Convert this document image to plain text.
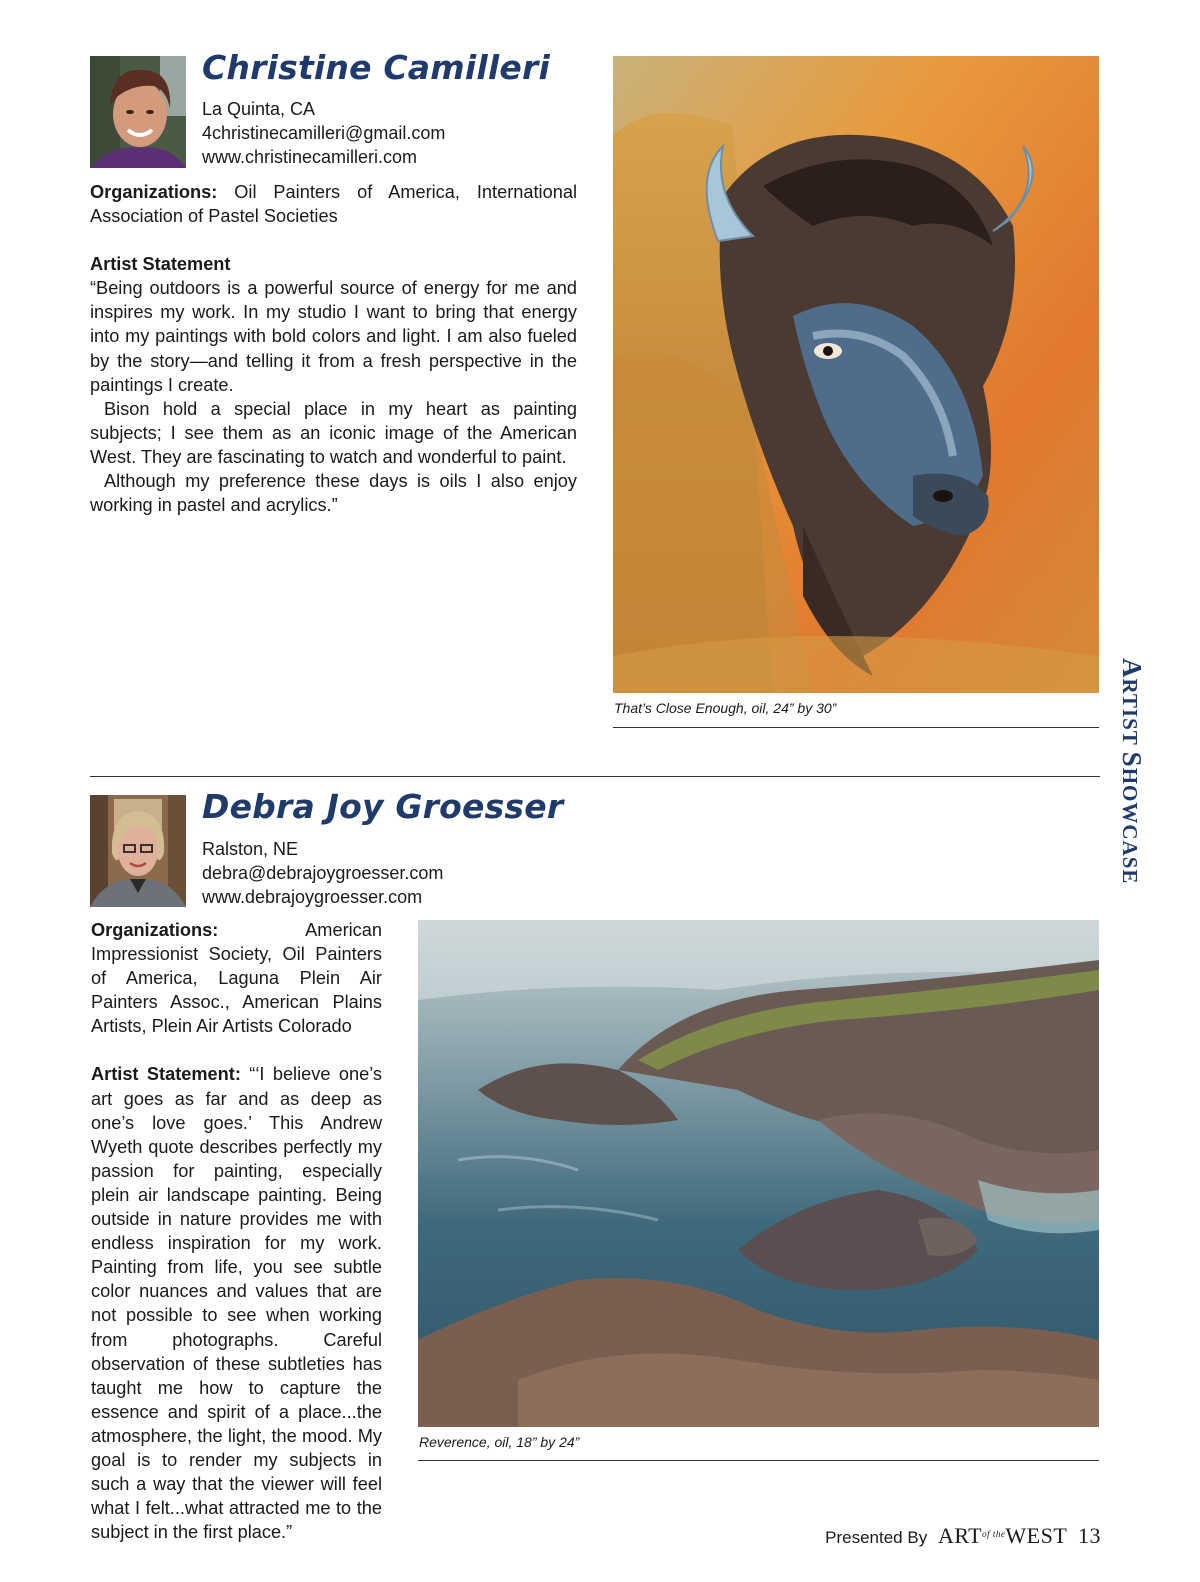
Christine Camilleri
La Quinta, CA
4christinecamilleri@gmail.com
www.christinecamilleri.com

Organizations: Oil Painters of America, International Association of Pastel Societies

Artist Statement

“Being outdoors is a powerful source of energy for me and inspires my work. In my studio I want to bring that energy into my paintings with bold colors and light. I am also fueled by the story—and telling it from a fresh perspective in the paintings I create.

Bison hold a special place in my heart as painting subjects; I see them as an iconic image of the American West. They are fascinating to watch and wonderful to paint.

Although my preference these days is oils I also enjoy working in pastel and acrylics.”

That’s Close Enough, oil, 24” by 30”
Debra Joy Groesser
Ralston, NE
debra@debrajoygroesser.com
www.debrajoygroesser.com

Organizations:	American Impressionist Society, Oil Painters of America, Laguna Plein Air Painters Assoc., American Plains Artists, Plein Air Artists Colorado

Artist Statement: “‘I believe one’s art goes as far and as deep as one’s love goes.’ This Andrew Wyeth quote describes perfectly my passion for painting, especially plein air landscape painting. Being outside in nature provides me with endless inspiration for my work. Painting from life, you see subtle color nuances and values that are not possible to see when working from photographs. Careful observation of these subtleties has taught me how to capture the essence and spirit of a place...the atmosphere, the light, the mood. My goal is to render my subjects in such a way that the viewer will feel what I felt...what attracted me to the subject in the first place.”

Reverence, oil, 18” by 24”
ARTIST SHOWCASE
Presented By $ART^{of the}WEST$ 13
